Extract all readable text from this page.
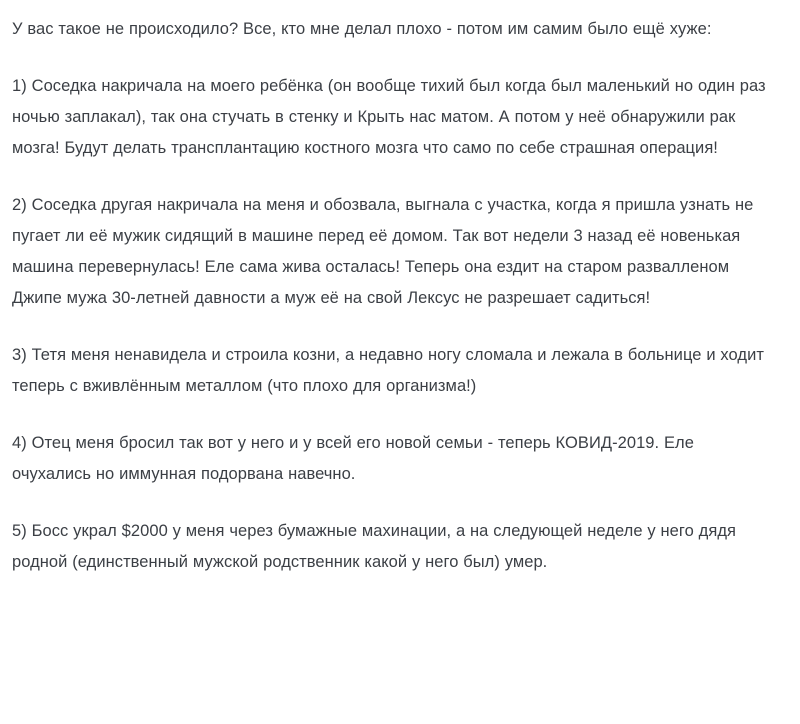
У вас такое не происходило? Все, кто мне делал плохо - потом им самим было ещё хуже:

1) Соседка накричала на моего ребёнка (он вообще тихий был когда был маленький но один раз ночью заплакал), так она стучать в стенку и Крыть нас матом. А потом у неё обнаружили рак мозга! Будут делать трансплантацию костного мозга что само по себе страшная операция!

2) Соседка другая накричала на меня и обозвала, выгнала с участка, когда я пришла узнать не пугает ли её мужик сидящий в машине перед её домом. Так вот недели 3 назад её новенькая машина перевернулась! Еле сама жива осталась! Теперь она ездит на старом развалленом Джипе мужа 30-летней давности а муж её на свой Лексус не разрешает садиться!

3) Тетя меня ненавидела и строила козни, а недавно ногу сломала и лежала в больнице и ходит теперь с вживлённым металлом (что плохо для организма!)

4) Отец меня бросил так вот у него и у всей его новой семьи - теперь КОВИД-2019. Еле очухались но иммунная подорвана навечно.

5) Босс украл $2000 у меня через бумажные махинации, а на следующей неделе у него дядя родной (единственный мужской родственник какой у него был) умер.
